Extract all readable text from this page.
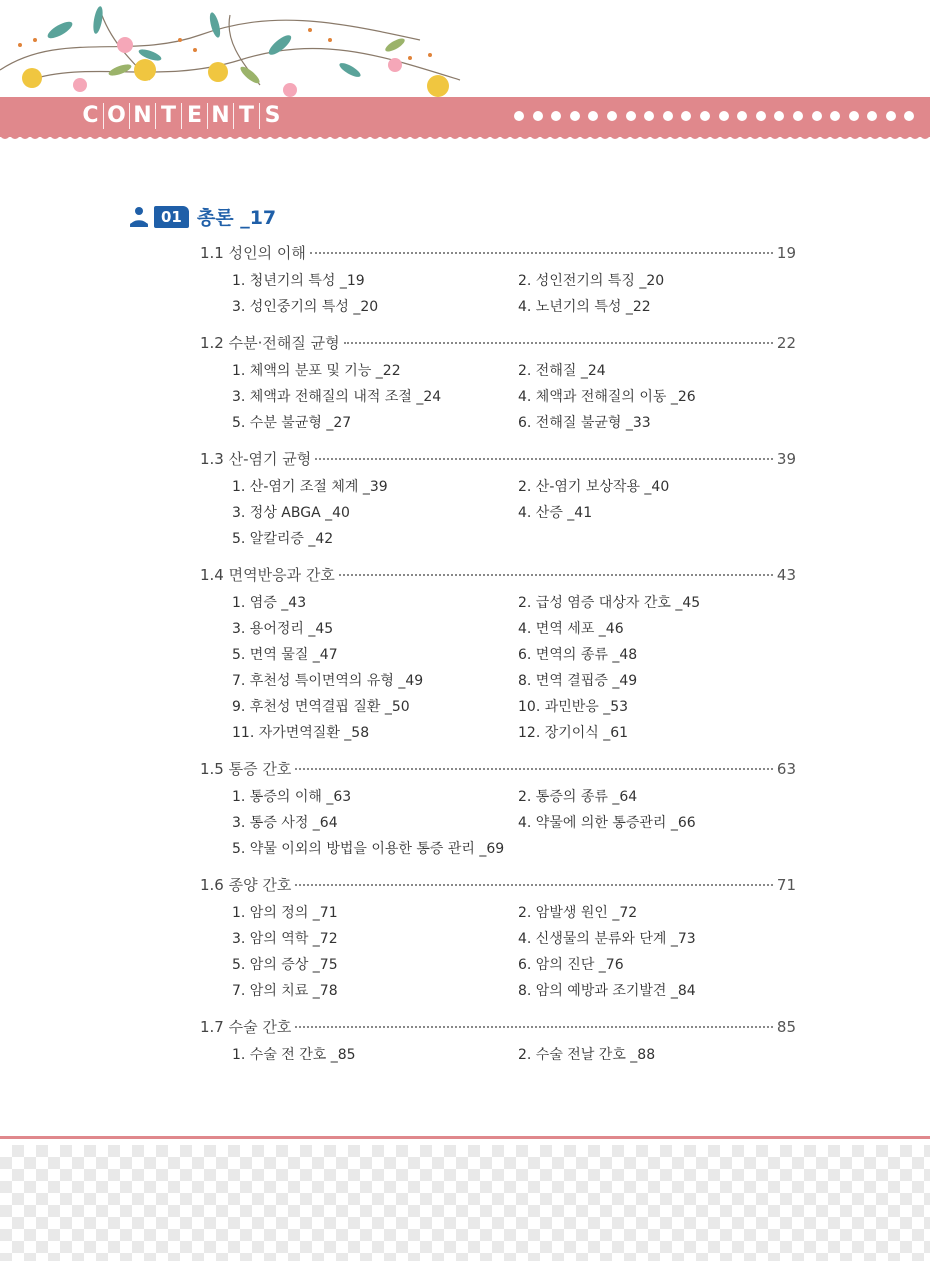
C O N T E N T S
01 총론 _17
1.1 성인의 이해	19
1. 청년기의 특성 _19	2. 성인전기의 특징 _20
3. 성인중기의 특성 _20	4. 노년기의 특성 _22
1.2 수분·전해질 균형	22
1. 체액의 분포 및 기능 _22	2. 전해질 _24
3. 체액과 전해질의 내적 조절 _24	4. 체액과 전해질의 이동 _26
5. 수분 불균형 _27	6. 전해질 불균형 _33
1.3 산-염기 균형	39
1. 산-염기 조절 체계 _39	2. 산-염기 보상작용 _40
3. 정상 ABGA _40	4. 산증 _41
5. 알칼리증 _42
1.4 면역반응과 간호	43
1. 염증 _43	2. 급성 염증 대상자 간호 _45
3. 용어정리 _45	4. 면역 세포 _46
5. 면역 물질 _47	6. 면역의 종류 _48
7. 후천성 특이면역의 유형 _49	8. 면역 결핍증 _49
9. 후천성 면역결핍 질환 _50	10. 과민반응 _53
11. 자가면역질환 _58	12. 장기이식 _61
1.5 통증 간호	63
1. 통증의 이해 _63	2. 통증의 종류 _64
3. 통증 사정 _64	4. 약물에 의한 통증관리 _66
5. 약물 이외의 방법을 이용한 통증 관리 _69
1.6 종양 간호	71
1. 암의 정의 _71	2. 암발생 원인 _72
3. 암의 역학 _72	4. 신생물의 분류와 단계 _73
5. 암의 증상 _75	6. 암의 진단 _76
7. 암의 치료 _78	8. 암의 예방과 조기발견 _84
1.7 수술 간호	85
1. 수술 전 간호 _85	2. 수술 전날 간호 _88
